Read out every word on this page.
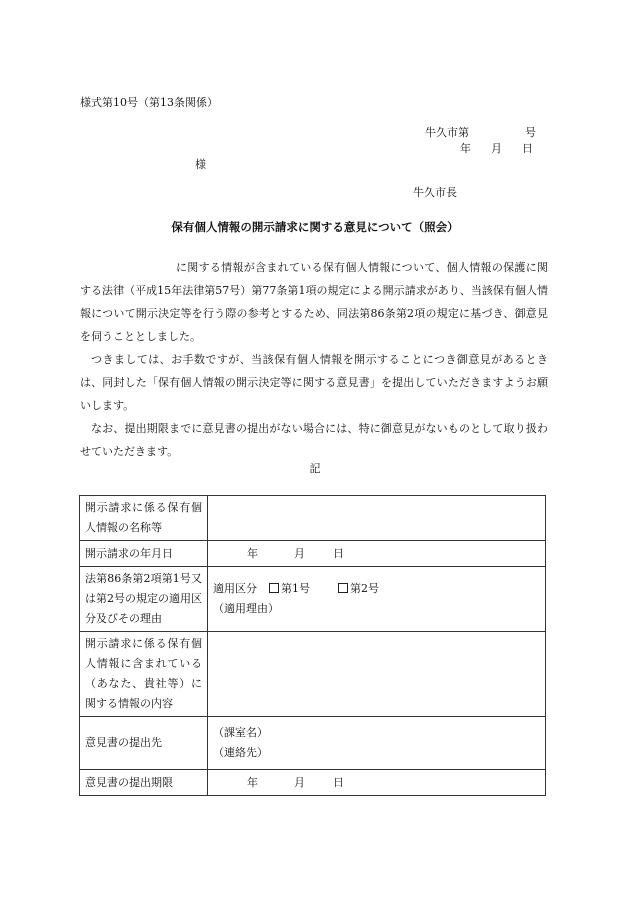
様式第10号（第13条関係）
牛久市第	号
年 月 日
様
牛久市長
保有個人情報の開示請求に関する意見について（照会）

に関する情報が含まれている保有個人情報について、個人情報の保護に関する法律（平成15年法律第57号）第77条第1項の規定による開示請求があり、当該保有個人情報について開示決定等を行う際の参考とするため、同法第86条第2項の規定に基づき、御意見を伺うこととしました。

つきましては、お手数ですが、当該保有個人情報を開示することにつき御意見があるときは、同封した「保有個人情報の開示決定等に関する意見書」を提出していただきますようお願いします。

なお、提出期限までに意見書の提出がない場合には、特に御意見がないものとして取り扱わせていただきます。

記
開示請求に係る保有個人情報の名称等	
開示請求の年月日	年 月 日
法第86条第2項第1号又は第2号の規定の適用区分及びその理由	適用区分 第1号 第2号
（適用理由）

開示請求に係る保有個人情報に含まれている（あなた、貴社等）に関する情報の内容	
意見書の提出先	（課室名）
（連絡先）

意見書の提出期限	年 月 日
